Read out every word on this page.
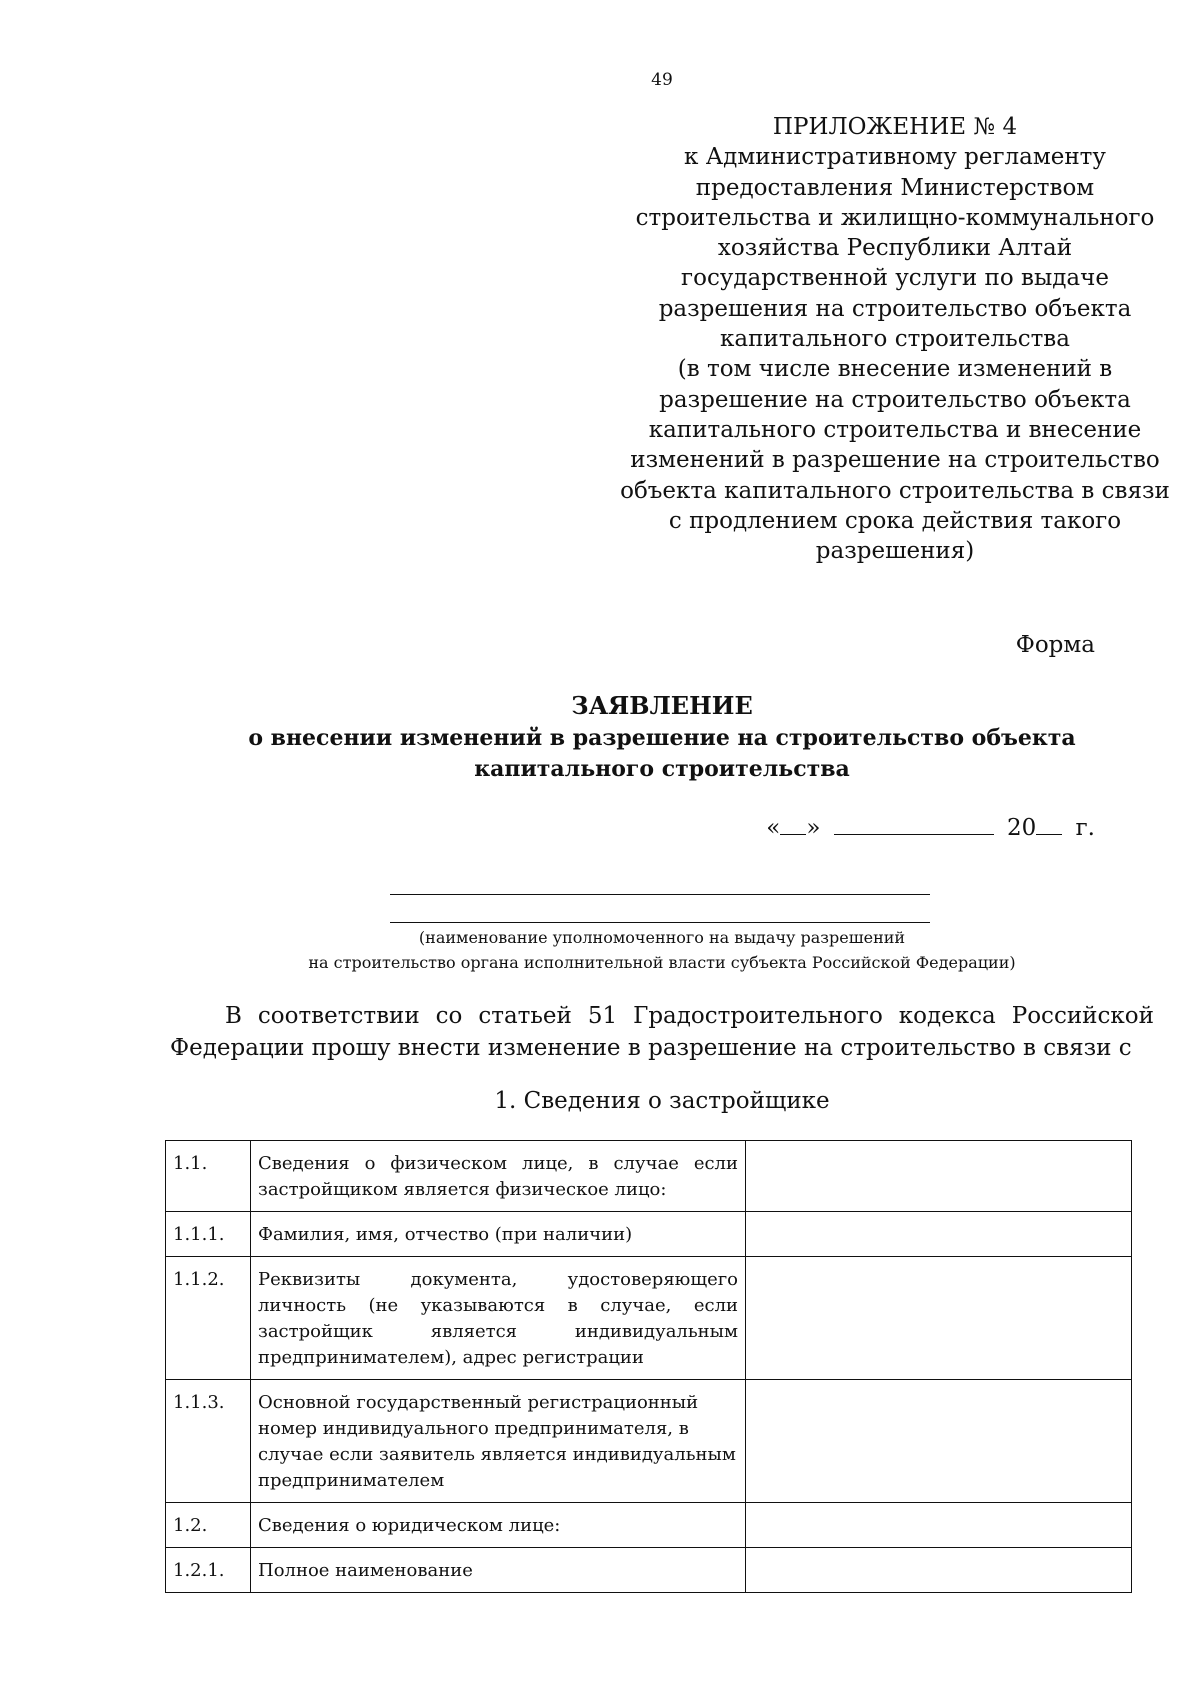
49
ПРИЛОЖЕНИЕ № 4
к Административному регламенту
предоставления Министерством
строительства и жилищно-коммунального
хозяйства Республики Алтай
государственной услуги по выдаче
разрешения на строительство объекта
капитального строительства
(в том числе внесение изменений в
разрешение на строительство объекта
капитального строительства и внесение
изменений в разрешение на строительство
объекта капитального строительства в связи
с продлением срока действия такого
разрешения)
Форма
ЗАЯВЛЕНИЕ
о внесении изменений в разрешение на строительство объекта капитального строительства
« »	20 г.
(наименование уполномоченного на выдачу разрешений
на строительство органа исполнительной власти субъекта Российской Федерации)
В соответствии со статьей 51 Градостроительного кодекса Российской
Федерации прошу внести изменение в разрешение на строительство в связи с
1. Сведения о застройщике
1.1.	Сведения о физическом лице, в случае если застройщиком является физическое лицо:	
1.1.1.	Фамилия, имя, отчество (при наличии)	
1.1.2.	Реквизиты документа, удостоверяющего личность (не указываются в случае, если застройщик является индивидуальным предпринимателем), адрес регистрации	
1.1.3.	Основной государственный регистрационный номер индивидуального предпринимателя, в случае если заявитель является индивидуальным предпринимателем	
1.2.	Сведения о юридическом лице:	
1.2.1.	Полное наименование	
